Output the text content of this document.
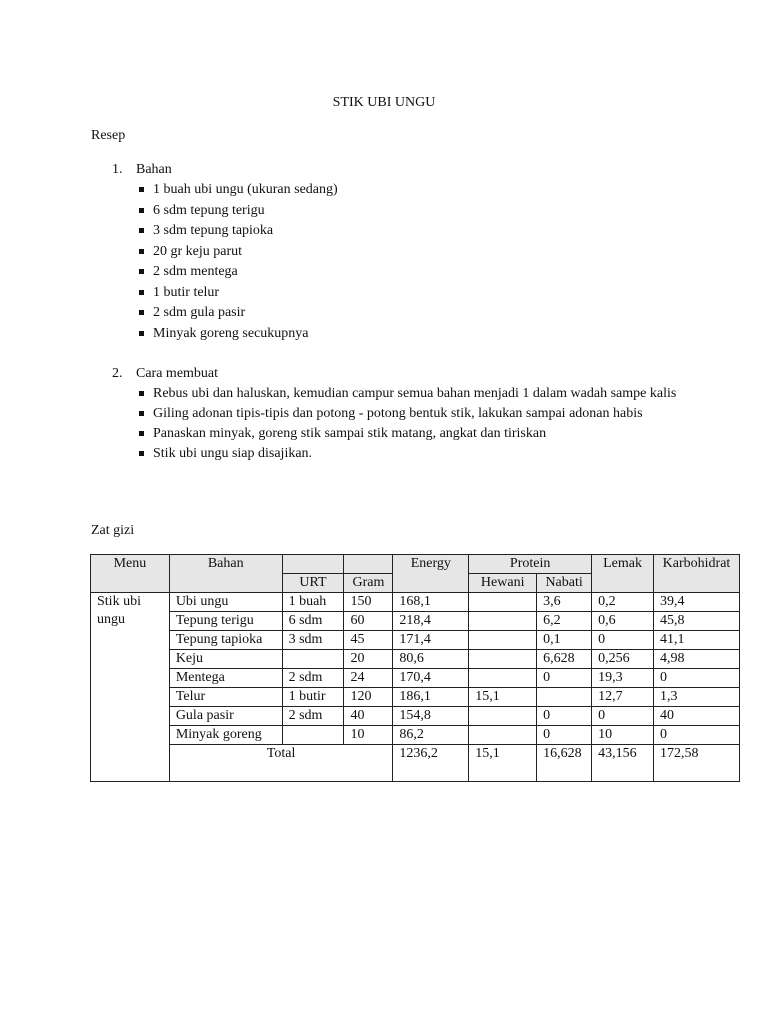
STIK UBI UNGU
Resep
1. Bahan
1 buah ubi ungu (ukuran sedang)
6 sdm tepung terigu
3 sdm tepung tapioka
20 gr keju parut
2 sdm mentega
1 butir telur
2 sdm gula pasir
Minyak goreng secukupnya
2. Cara membuat
Rebus ubi dan haluskan, kemudian campur semua bahan menjadi 1 dalam wadah sampe kalis
Giling adonan tipis-tipis dan potong - potong bentuk stik, lakukan sampai adonan habis
Panaskan minyak, goreng stik sampai stik matang, angkat dan tiriskan
Stik ubi ungu siap disajikan.
Zat gizi
Menu	Bahan			Energy	Protein		Lemak	Karbohidrat
		URT	Gram		Hewani	Nabati		
Stik ubi ungu	Ubi ungu	1 buah	150	168,1		3,6	0,2	39,4
	Tepung terigu	6 sdm	60	218,4		6,2	0,6	45,8
	Tepung tapioka	3 sdm	45	171,4		0,1	0	41,1
	Keju		20	80,6		6,628	0,256	4,98
	Mentega	2 sdm	24	170,4		0	19,3	0
	Telur	1 butir	120	186,1	15,1		12,7	1,3
	Gula pasir	2 sdm	40	154,8		0	0	40
	Minyak goreng		10	86,2		0	10	0
	Total			1236,2	15,1	16,628	43,156	172,58
